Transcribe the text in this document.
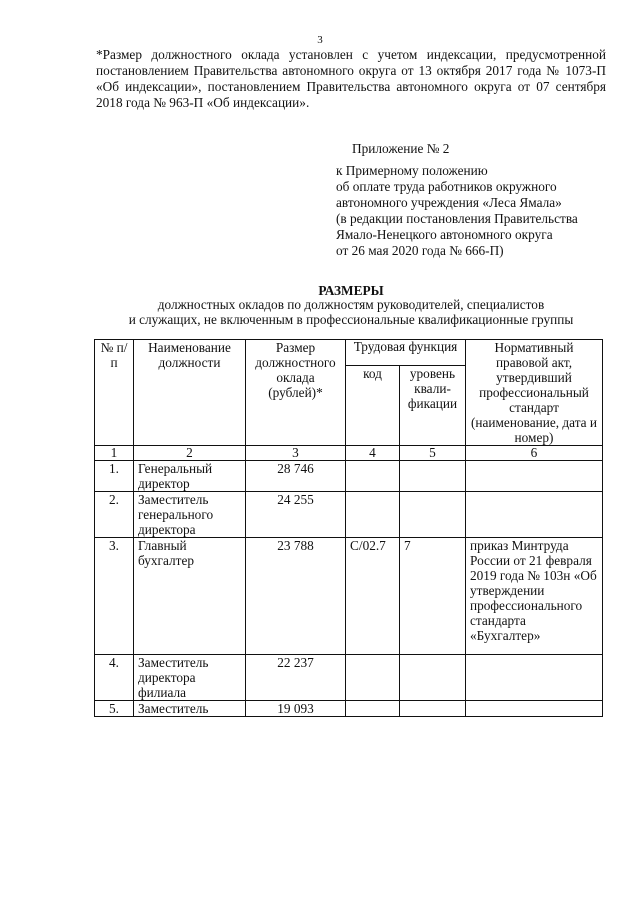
3
*Размер должностного оклада установлен с учетом индексации, предусмотренной постановлением Правительства автономного округа от 13 октября 2017 года № 1073-П «Об индексации», постановлением Правительства автономного округа от 07 сентября 2018 года № 963-П «Об индексации».
Приложение № 2
к Примерному положению
об оплате труда работников окружного
автономного учреждения «Леса Ямала»
(в редакции постановления Правительства
Ямало-Ненецкого автономного округа
от 26 мая 2020 года № 666-П)
РАЗМЕРЫ
должностных окладов по должностям руководителей, специалистов
и служащих, не включенным в профессиональные квалификационные группы
№ п/п	Наименование должности	Размер должностного оклада (рублей)*	Трудовая функция		Нормативный правовой акт, утвердивший профессиональный стандарт (наименование, дата и номер)
			код	уровень квали-фикации	
1	2	3	4	5	6
1.	Генеральный директор	28 746			
2.	Заместитель генерального директора	24 255			
3.	Главный бухгалтер	23 788	С/02.7	7	приказ Минтруда России от 21 февраля 2019 года № 103н «Об утверждении профессионального стандарта «Бухгалтер»
4.	Заместитель директора филиала	22 237			
5.	Заместитель	19 093			
